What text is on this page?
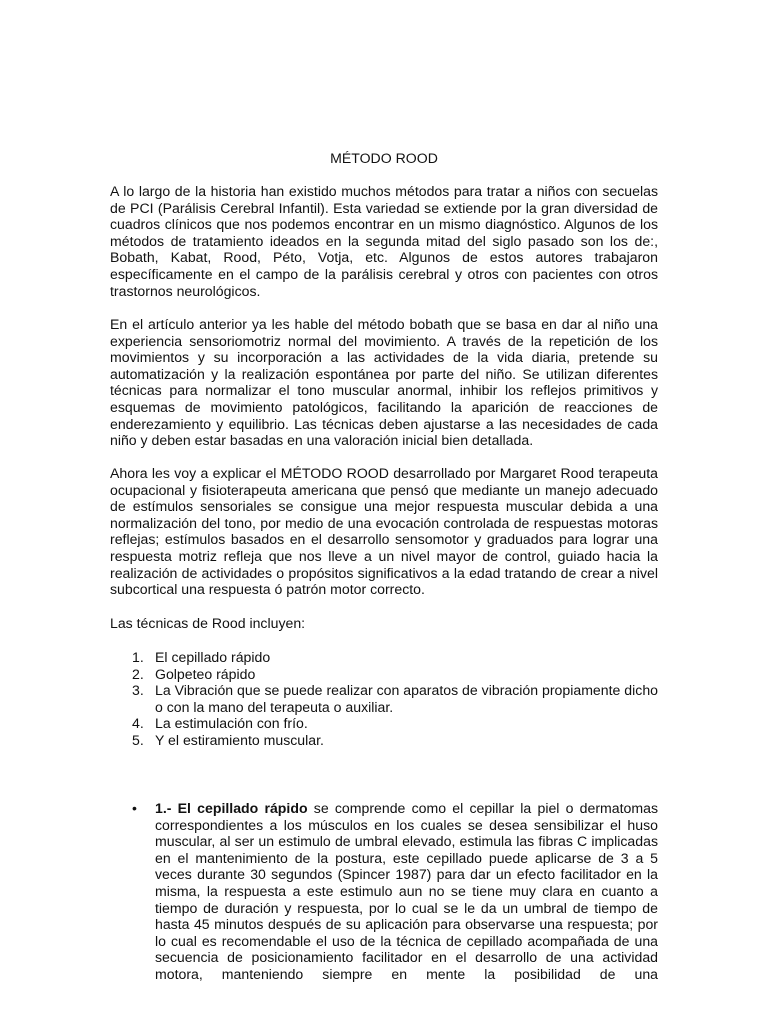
MÉTODO ROOD

A lo largo de la historia han existido muchos métodos para tratar a niños con secuelas de PCI (Parálisis Cerebral Infantil). Esta variedad se extiende por la gran diversidad de cuadros clínicos que nos podemos encontrar en un mismo diagnóstico. Algunos de los métodos de tratamiento ideados en la segunda mitad del siglo pasado son los de:, Bobath, Kabat, Rood, Péto, Votja, etc. Algunos de estos autores trabajaron específicamente en el campo de la parálisis cerebral y otros con pacientes con otros trastornos neurológicos.

En el artículo anterior ya les hable del método bobath que se basa en dar al niño una experiencia sensoriomotriz normal del movimiento. A través de la repetición de los movimientos y su incorporación a las actividades de la vida diaria, pretende su automatización y la realización espontánea por parte del niño. Se utilizan diferentes técnicas para normalizar el tono muscular anormal, inhibir los reflejos primitivos y esquemas de movimiento patológicos, facilitando la aparición de reacciones de enderezamiento y equilibrio. Las técnicas deben ajustarse a las necesidades de cada niño y deben estar basadas en una valoración inicial bien detallada.

Ahora les voy a explicar el MÉTODO ROOD desarrollado por Margaret Rood terapeuta ocupacional y fisioterapeuta americana que pensó que mediante un manejo adecuado de estímulos sensoriales se consigue una mejor respuesta muscular debida a una normalización del tono, por medio de una evocación controlada de respuestas motoras reflejas; estímulos basados en el desarrollo sensomotor y graduados para lograr una respuesta motriz refleja que nos lleve a un nivel mayor de control, guiado hacia la realización de actividades o propósitos significativos a la edad tratando de crear a nivel subcortical una respuesta ó patrón motor correcto.

Las técnicas de Rood incluyen:

1. El cepillado rápido
2. Golpeteo rápido
3. La Vibración que se puede realizar con aparatos de vibración propiamente dicho o con la mano del terapeuta o auxiliar.
4. La estimulación con frío.
5. Y el estiramiento muscular.
•	1.- El cepillado rápido se comprende como el cepillar la piel o dermatomas correspondientes a los músculos en los cuales se desea sensibilizar el huso muscular, al ser un estimulo de umbral elevado, estimula las fibras C implicadas en el mantenimiento de la postura, este cepillado puede aplicarse de 3 a 5 veces durante 30 segundos (Spincer 1987) para dar un efecto facilitador en la misma, la respuesta a este estimulo aun no se tiene muy clara en cuanto a tiempo de duración y respuesta, por lo cual se le da un umbral de tiempo de hasta 45 minutos después de su aplicación para observarse una respuesta; por lo cual es recomendable el uso de la técnica de cepillado acompañada de una secuencia de posicionamiento facilitador en el desarrollo de una actividad motora, manteniendo siempre en mente la posibilidad de una
